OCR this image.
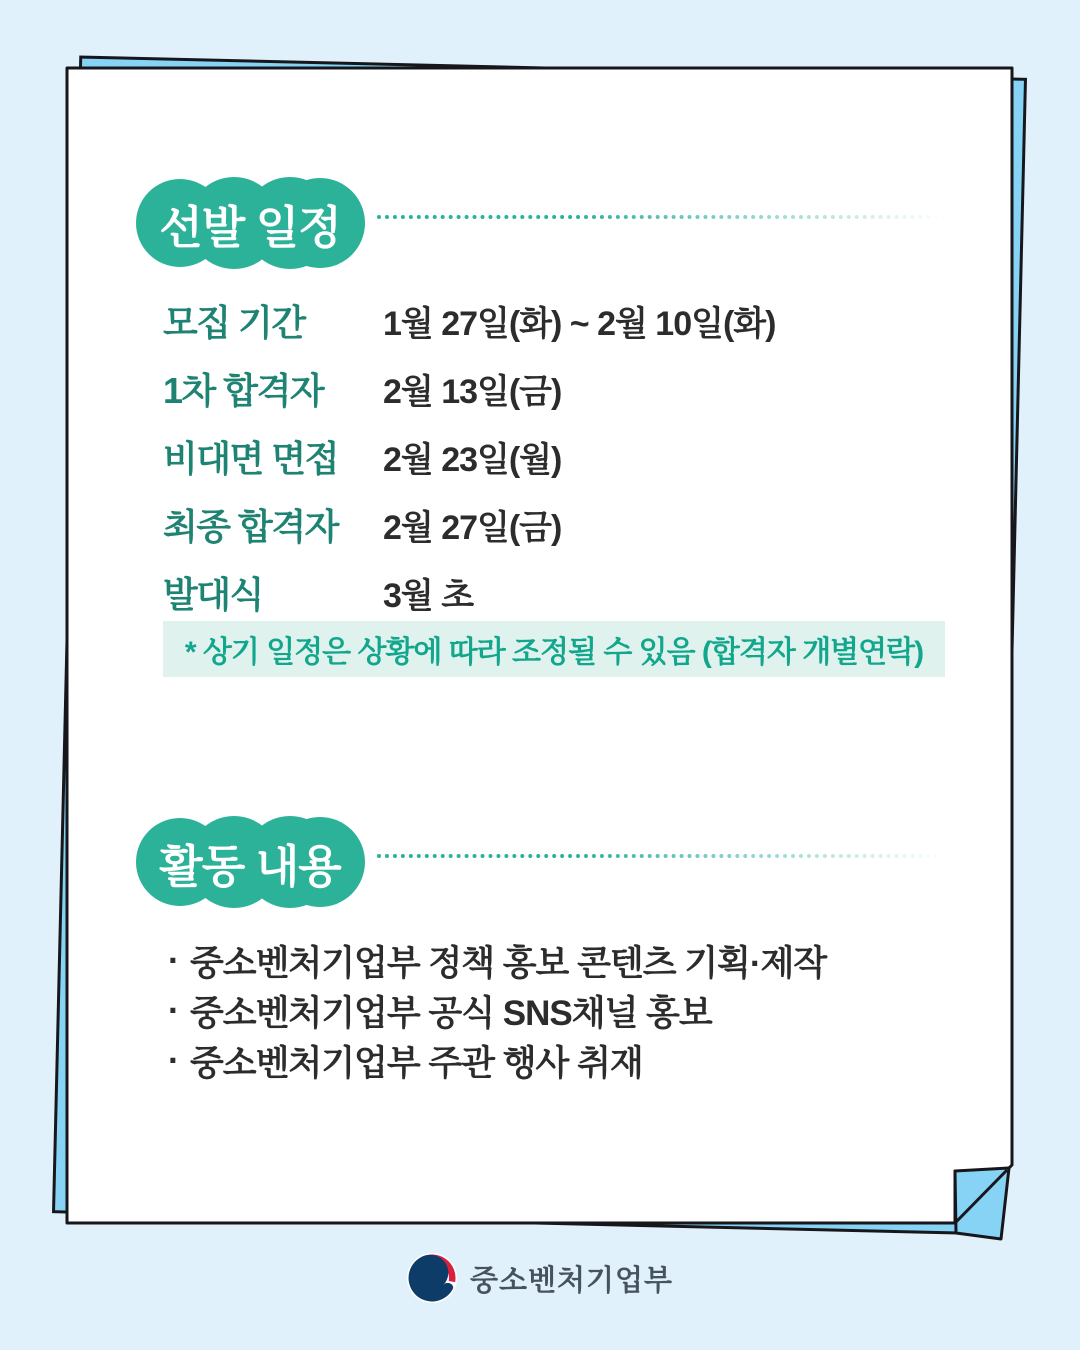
선발 일정
모집 기간	1월 27일(화) ~ 2월 10일(화)
1차 합격자	2월 13일(금)
비대면 면접	2월 23일(월)
최종 합격자	2월 27일(금)
발대식	3월 초
* 상기 일정은 상황에 따라 조정될 수 있음 (합격자 개별연락)
활동 내용
· 중소벤처기업부 정책 홍보 콘텐츠 기획·제작
· 중소벤처기업부 공식 SNS채널 홍보
· 중소벤처기업부 주관 행사 취재
중소벤처기업부
